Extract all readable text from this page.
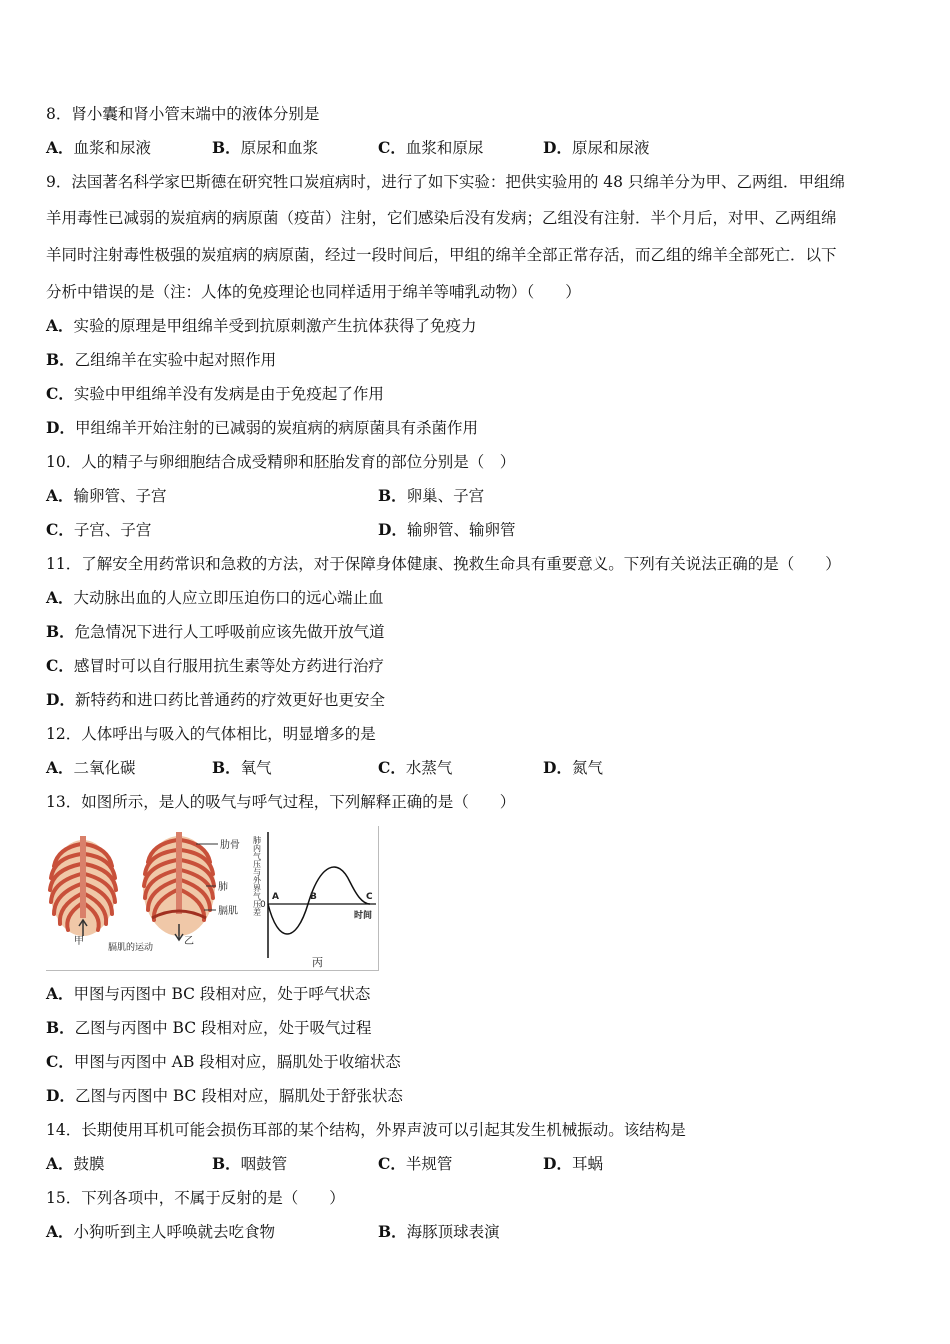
8．肾小囊和肾小管末端中的液体分别是
A．血浆和尿液	B．原尿和血浆	C．血浆和原尿	D．原尿和尿液
9．法国著名科学家巴斯德在研究牲口炭疽病时，进行了如下实验：把供实验用的 48 只绵羊分为甲、乙两组．甲组绵
羊用毒性已减弱的炭疽病的病原菌（疫苗）注射，它们感染后没有发病；乙组没有注射．半个月后，对甲、乙两组绵
羊同时注射毒性极强的炭疽病的病原菌，经过一段时间后，甲组的绵羊全部正常存活，而乙组的绵羊全部死亡．以下
分析中错误的是（注：人体的免疫理论也同样适用于绵羊等哺乳动物）（　　）
A．实验的原理是甲组绵羊受到抗原刺激产生抗体获得了免疫力
B．乙组绵羊在实验中起对照作用
C．实验中甲组绵羊没有发病是由于免疫起了作用
D．甲组绵羊开始注射的已减弱的炭疽病的病原菌具有杀菌作用
10．人的精子与卵细胞结合成受精卵和胚胎发育的部位分别是（　）
A．输卵管、子宫	B．卵巢、子宫
C．子宫、子宫	D．输卵管、输卵管
11．了解安全用药常识和急救的方法，对于保障身体健康、挽救生命具有重要意义。下列有关说法正确的是（　　）
A．大动脉出血的人应立即压迫伤口的远心端止血
B．危急情况下进行人工呼吸前应该先做开放气道
C．感冒时可以自行服用抗生素等处方药进行治疗
D．新特药和进口药比普通药的疗效更好也更安全
12．人体呼出与吸入的气体相比，明显增多的是
A．二氧化碳	B．氧气	C．水蒸气	D．氮气
13．如图所示，是人的吸气与呼气过程，下列解释正确的是（　　）
肋骨
肺
膈肌
甲	乙
膈肌的运动
肺内气压与外界气压差
0
A	B	C
时间
丙
A．甲图与丙图中 BC 段相对应，处于呼气状态
B．乙图与丙图中 BC 段相对应，处于吸气过程
C．甲图与丙图中 AB 段相对应，膈肌处于收缩状态
D．乙图与丙图中 BC 段相对应，膈肌处于舒张状态
14．长期使用耳机可能会损伤耳部的某个结构，外界声波可以引起其发生机械振动。该结构是
A．鼓膜	B．咽鼓管	C．半规管	D．耳蜗
15．下列各项中，不属于反射的是（　　）
A．小狗听到主人呼唤就去吃食物	B．海豚顶球表演
